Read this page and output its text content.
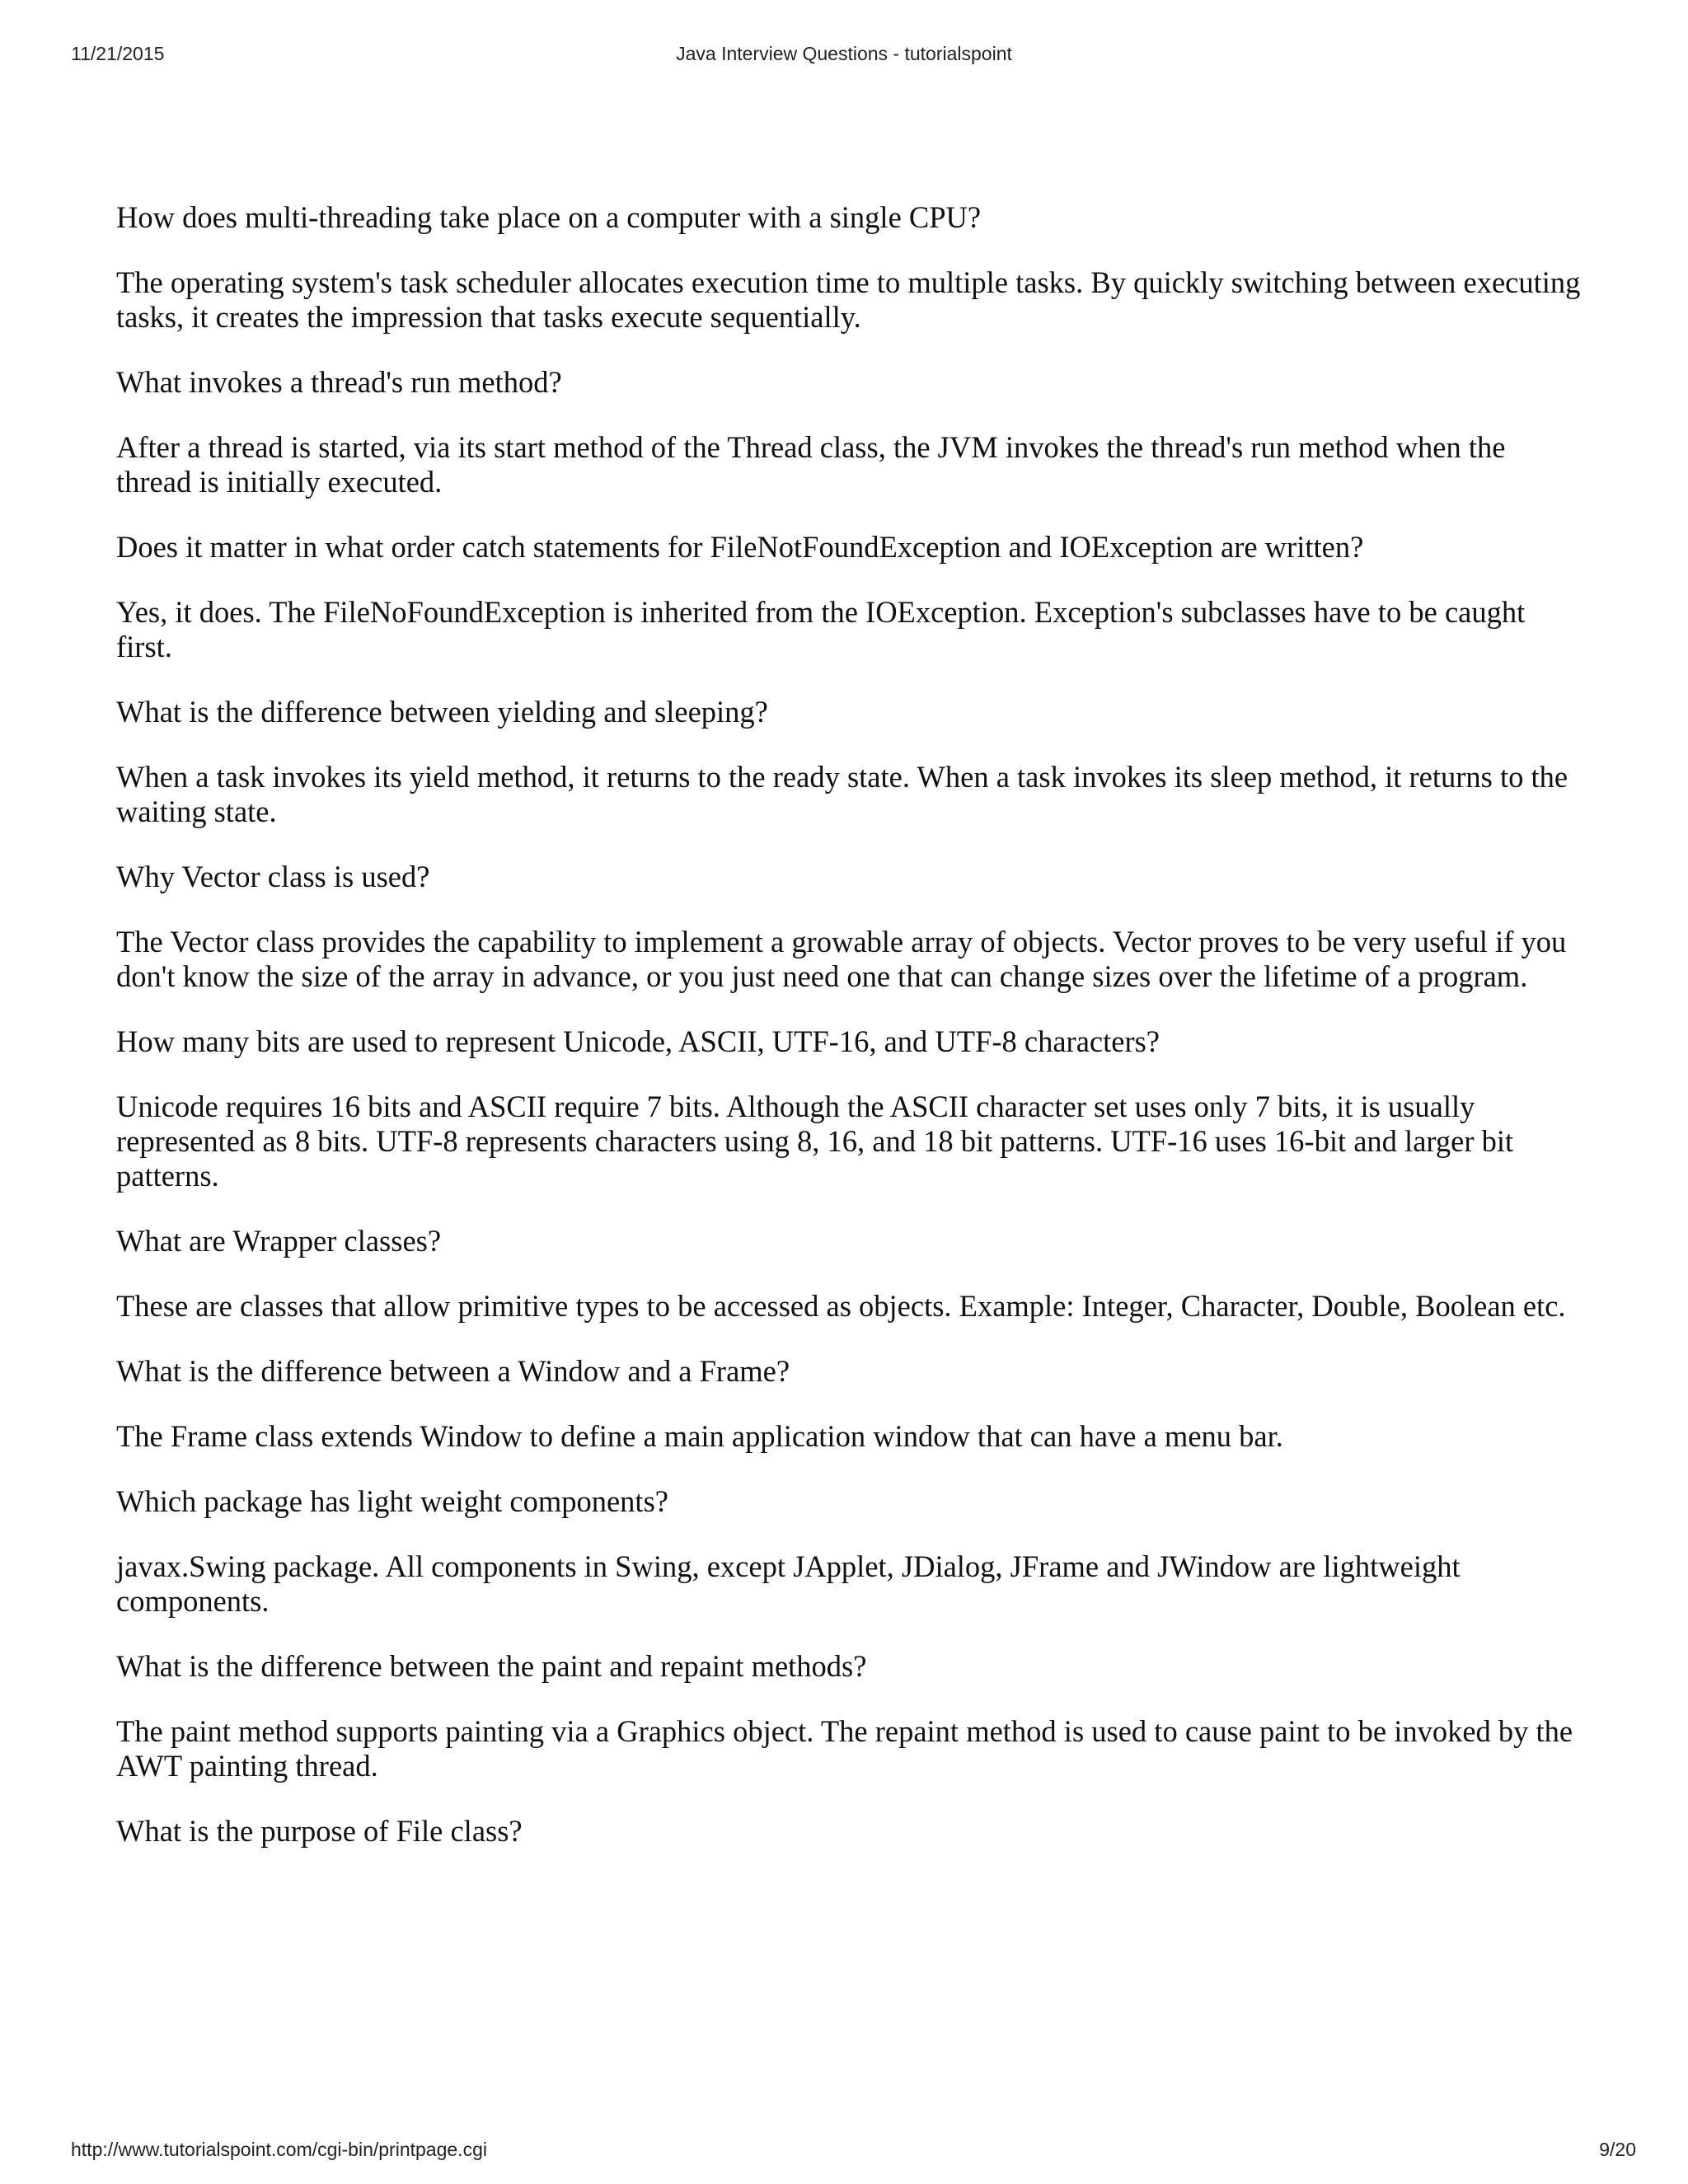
11/21/2015	Java Interview Questions - tutorialspoint

How does multi-threading take place on a computer with a single CPU?

The operating system's task scheduler allocates execution time to multiple tasks. By quickly switching between executing tasks, it creates the impression that tasks execute sequentially.

What invokes a thread's run method?

After a thread is started, via its start method of the Thread class, the JVM invokes the thread's run method when the thread is initially executed.

Does it matter in what order catch statements for FileNotFoundException and IOException are written?

Yes, it does. The FileNoFoundException is inherited from the IOException. Exception's subclasses have to be caught first.

What is the difference between yielding and sleeping?

When a task invokes its yield method, it returns to the ready state. When a task invokes its sleep method, it returns to the waiting state.

Why Vector class is used?

The Vector class provides the capability to implement a growable array of objects. Vector proves to be very useful if you don't know the size of the array in advance, or you just need one that can change sizes over the lifetime of a program.

How many bits are used to represent Unicode, ASCII, UTF-16, and UTF-8 characters?

Unicode requires 16 bits and ASCII require 7 bits. Although the ASCII character set uses only 7 bits, it is usually represented as 8 bits. UTF-8 represents characters using 8, 16, and 18 bit patterns. UTF-16 uses 16-bit and larger bit patterns.

What are Wrapper classes?

These are classes that allow primitive types to be accessed as objects. Example: Integer, Character, Double, Boolean etc.

What is the difference between a Window and a Frame?

The Frame class extends Window to define a main application window that can have a menu bar.

Which package has light weight components?

javax.Swing package. All components in Swing, except JApplet, JDialog, JFrame and JWindow are lightweight components.

What is the difference between the paint and repaint methods?

The paint method supports painting via a Graphics object. The repaint method is used to cause paint to be invoked by the AWT painting thread.

What is the purpose of File class?

http://www.tutorialspoint.com/cgi-bin/printpage.cgi	9/20
